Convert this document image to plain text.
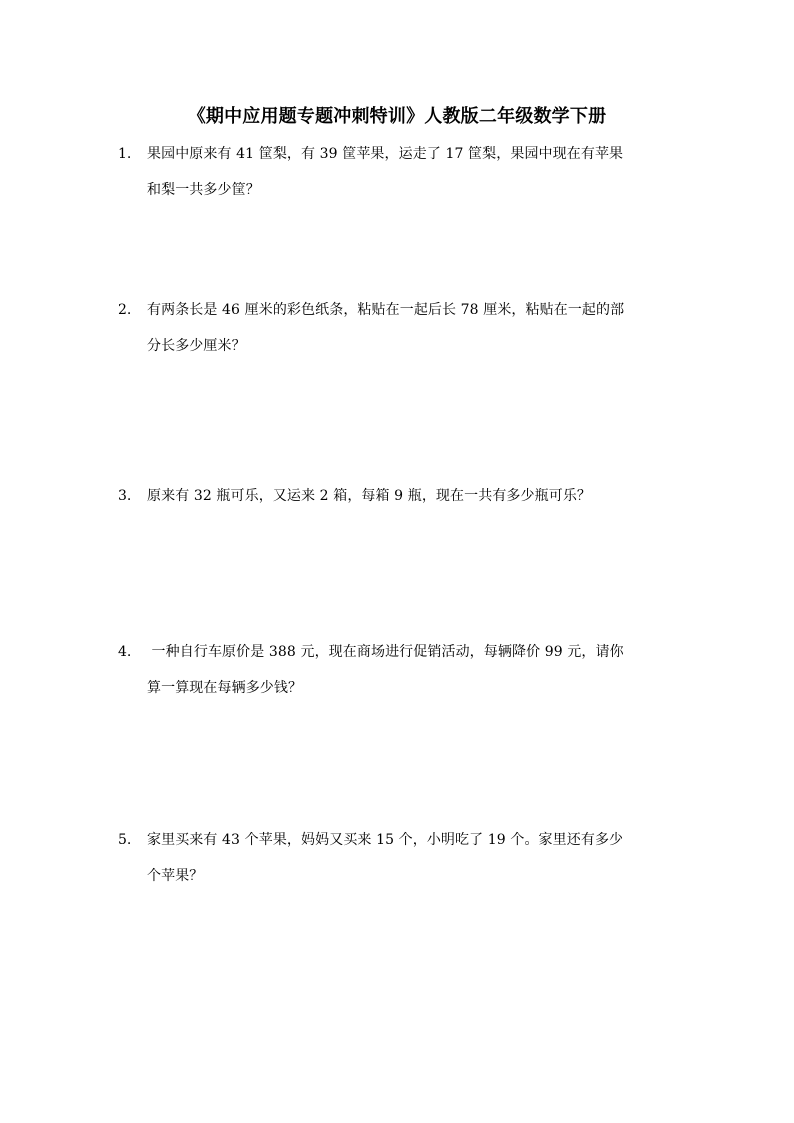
《期中应用题专题冲刺特训》人教版二年级数学下册
1. 果园中原来有 41 筐梨，有 39 筐苹果，运走了 17 筐梨，果园中现在有苹果
和梨一共多少筐？
2. 有两条长是 46 厘米的彩色纸条，粘贴在一起后长 78 厘米，粘贴在一起的部
分长多少厘米？
3. 原来有 32 瓶可乐，又运来 2 箱，每箱 9 瓶，现在一共有多少瓶可乐？
4. 一种自行车原价是 388 元，现在商场进行促销活动，每辆降价 99 元，请你
算一算现在每辆多少钱？
5. 家里买来有 43 个苹果，妈妈又买来 15 个，小明吃了 19 个。家里还有多少
个苹果？
